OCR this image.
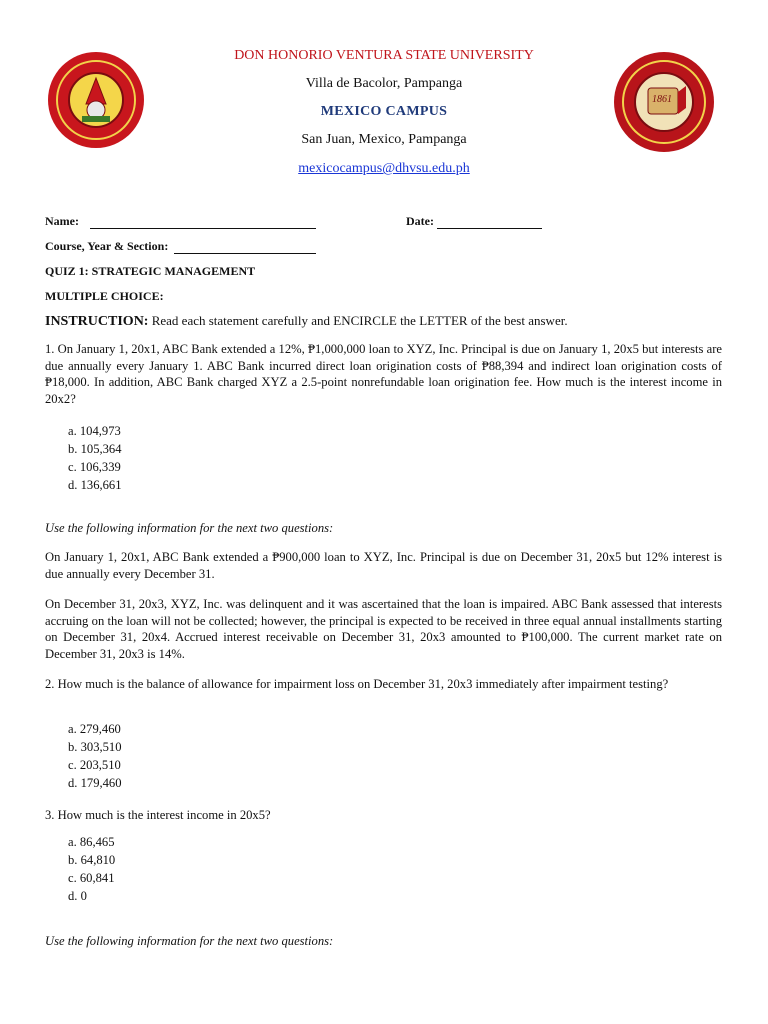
1861
DON HONORIO VENTURA STATE UNIVERSITY
Villa de Bacolor, Pampanga
MEXICO CAMPUS
San Juan, Mexico, Pampanga
mexicocampus@dhvsu.edu.ph
Name:	Date:
Course, Year & Section:
QUIZ 1: STRATEGIC MANAGEMENT
MULTIPLE CHOICE:
INSTRUCTION: Read each statement carefully and ENCIRCLE the LETTER of the best answer.

1. On January 1, 20x1, ABC Bank extended a 12%, ₱1,000,000 loan to XYZ, Inc. Principal is due on January 1, 20x5 but interests are due annually every January 1. ABC Bank incurred direct loan origination costs of ₱88,394 and indirect loan origination costs of ₱18,000. In addition, ABC Bank charged XYZ a 2.5-point nonrefundable loan origination fee. How much is the interest income in 20x2?

a. 104,973
b. 105,364
c. 106,339
d. 136,661

Use the following information for the next two questions:

On January 1, 20x1, ABC Bank extended a ₱900,000 loan to XYZ, Inc. Principal is due on December 31, 20x5 but 12% interest is due annually every December 31.

On December 31, 20x3, XYZ, Inc. was delinquent and it was ascertained that the loan is impaired. ABC Bank assessed that interests accruing on the loan will not be collected; however, the principal is expected to be received in three equal annual installments starting on December 31, 20x4. Accrued interest receivable on December 31, 20x3 amounted to ₱100,000. The current market rate on December 31, 20x3 is 14%.

2. How much is the balance of allowance for impairment loss on December 31, 20x3 immediately after impairment testing?

a. 279,460
b. 303,510
c. 203,510
d. 179,460

3. How much is the interest income in 20x5?

a. 86,465
b. 64,810
c. 60,841
d. 0

Use the following information for the next two questions:
